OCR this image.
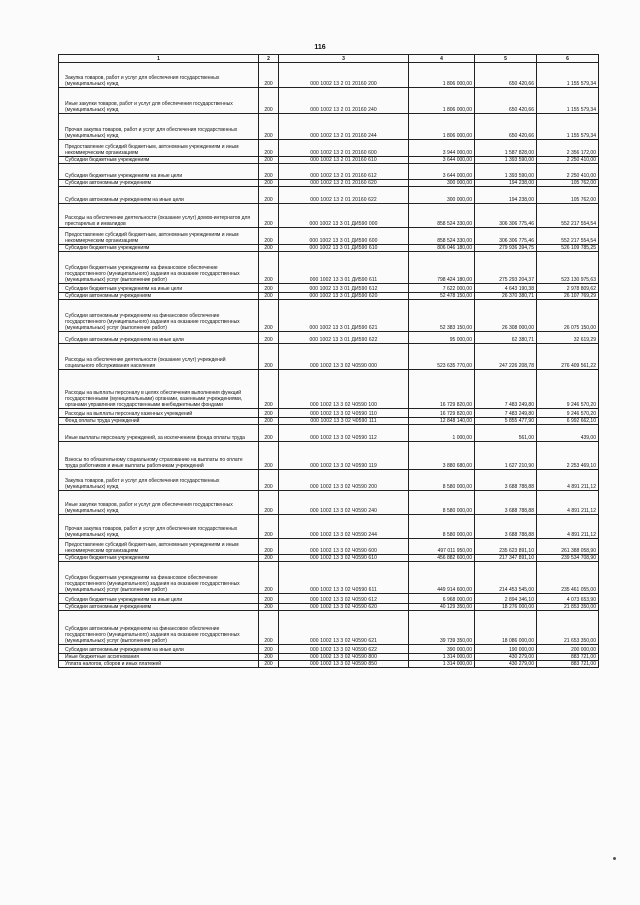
116
1	2	3	4	5	6
Закупка товаров, работ и услуг для обеспечения государственных (муниципальных) нужд	200	000 1002 13 2 01 20160 200	1 806 000,00	650 420,66	1 155 579,34
Иные закупки товаров, работ и услуг для обеспечения государственных (муниципальных) нужд	200	000 1002 13 2 01 20160 240	1 806 000,00	650 420,66	1 155 579,34
Прочая закупка товаров, работ и услуг для обеспечения государственных (муниципальных) нужд	200	000 1002 13 2 01 20160 244	1 806 000,00	650 420,66	1 155 579,34
Предоставление субсидий бюджетным, автономным учреждениям и иным некоммерческим организациям	200	000 1002 13 2 01 20160 600	3 944 000,00	1 587 828,00	2 356 172,00
Субсидии бюджетным учреждениям	200	000 1002 13 2 01 20160 610	3 644 000,00	1 393 590,00	2 250 410,00
Субсидии бюджетным учреждениям на иные цели	200	000 1002 13 2 01 20160 612	3 644 000,00	1 393 590,00	2 250 410,00
Субсидии автономным учреждениям	200	000 1002 13 2 01 20160 620	300 000,00	194 238,00	105 762,00
Субсидии автономным учреждениям на иные цели	200	000 1002 13 2 01 20160 622	300 000,00	194 238,00	105 762,00
Расходы на обеспечение деятельности (оказание услуг) домов-интернатов для престарелых и инвалидов	200	000 1002 13 3 01 ДИ590 000	858 524 330,00	306 306 775,46	552 217 554,54
Предоставление субсидий бюджетным, автономным учреждениям и иным некоммерческим организациям	200	000 1002 13 3 01 ДИ590 600	858 524 330,00	306 306 775,46	552 217 554,54
Субсидии бюджетным учреждениям	200	000 1002 13 3 01 ДИ590 610	806 046 180,00	279 936 394,75	526 109 785,25
Субсидии бюджетным учреждениям на финансовое обеспечение государственного (муниципального) задания на оказание государственных (муниципальных) услуг (выполнение работ)	200	000 1002 13 3 01 ДИ590 611	798 424 180,00	275 293 204,37	523 130 975,63
Субсидии бюджетным учреждениям на иные цели	200	000 1002 13 3 01 ДИ590 612	7 622 000,00	4 643 190,38	2 978 809,62
Субсидии автономным учреждениям	200	000 1002 13 3 01 ДИ590 620	52 478 150,00	26 370 380,71	26 107 769,29
Субсидии автономным учреждениям на финансовое обеспечение государственного (муниципального) задания на оказание государственных (муниципальных) услуг (выполнение работ)	200	000 1002 13 3 01 ДИ590 621	52 383 150,00	26 308 000,00	26 075 150,00
Субсидии автономным учреждениям на иные цели	200	000 1002 13 3 01 ДИ590 622	95 000,00	62 380,71	32 619,29
Расходы на обеспечение деятельности (оказание услуг) учреждений социального обслуживания населения	200	000 1002 13 3 02 Ч0590 000	523 635 770,00	247 226 208,78	276 409 561,22
Расходы на выплаты персоналу в целях обеспечения выполнения функций государственными (муниципальными) органами, казенными учреждениями, органами управления государственными внебюджетными фондами	200	000 1002 13 3 02 Ч0590 100	16 729 820,00	7 483 249,80	9 246 570,20
Расходы на выплаты персоналу казенных учреждений	200	000 1002 13 3 02 Ч0590 110	16 729 820,00	7 483 249,80	9 246 570,20
Фонд оплаты труда учреждений	200	000 1002 13 3 02 Ч0590 111	12 848 140,00	5 855 477,90	6 992 662,10
Иные выплаты персоналу учреждений, за исключением фонда оплаты труда	200	000 1002 13 3 02 Ч0590 112	1 000,00	561,00	439,00
Взносы по обязательному социальному страхованию на выплаты по оплате труда работников и иные выплаты работникам учреждений	200	000 1002 13 3 02 Ч0590 119	3 880 680,00	1 627 210,90	2 253 469,10
Закупка товаров, работ и услуг для обеспечения государственных (муниципальных) нужд	200	000 1002 13 3 02 Ч0590 200	8 580 000,00	3 688 788,88	4 891 211,12
Иные закупки товаров, работ и услуг для обеспечения государственных (муниципальных) нужд	200	000 1002 13 3 02 Ч0590 240	8 580 000,00	3 688 788,88	4 891 211,12
Прочая закупка товаров, работ и услуг для обеспечения государственных (муниципальных) нужд	200	000 1002 13 3 02 Ч0590 244	8 580 000,00	3 688 788,88	4 891 211,12
Предоставление субсидий бюджетным, автономным учреждениям и иным некоммерческим организациям	200	000 1002 13 3 02 Ч0590 600	497 011 950,00	235 623 891,10	261 388 058,90
Субсидии бюджетным учреждениям	200	000 1002 13 3 02 Ч0590 610	456 882 600,00	217 347 891,10	239 534 708,90
Субсидии бюджетным учреждениям на финансовое обеспечение государственного (муниципального) задания на оказание государственных (муниципальных) услуг (выполнение работ)	200	000 1002 13 3 02 Ч0590 611	449 914 600,00	214 453 545,00	235 461 055,00
Субсидии бюджетным учреждениям на иные цели	200	000 1002 13 3 02 Ч0590 612	6 968 000,00	2 894 346,10	4 073 653,90
Субсидии автономным учреждениям	200	000 1002 13 3 02 Ч0590 620	40 129 350,00	18 276 000,00	21 853 350,00
Субсидии автономным учреждениям на финансовое обеспечение государственного (муниципального) задания на оказание государственных (муниципальных) услуг (выполнение работ)	200	000 1002 13 3 02 Ч0590 621	39 739 350,00	18 086 000,00	21 653 350,00
Субсидии автономным учреждениям на иные цели	200	000 1002 13 3 02 Ч0590 622	390 000,00	190 000,00	200 000,00
Иные бюджетные ассигнования	200	000 1002 13 3 02 Ч0590 800	1 314 000,00	430 279,00	883 721,00
Уплата налогов, сборов и иных платежей	200	000 1002 13 3 02 Ч0590 850	1 314 000,00	430 279,00	883 721,00
